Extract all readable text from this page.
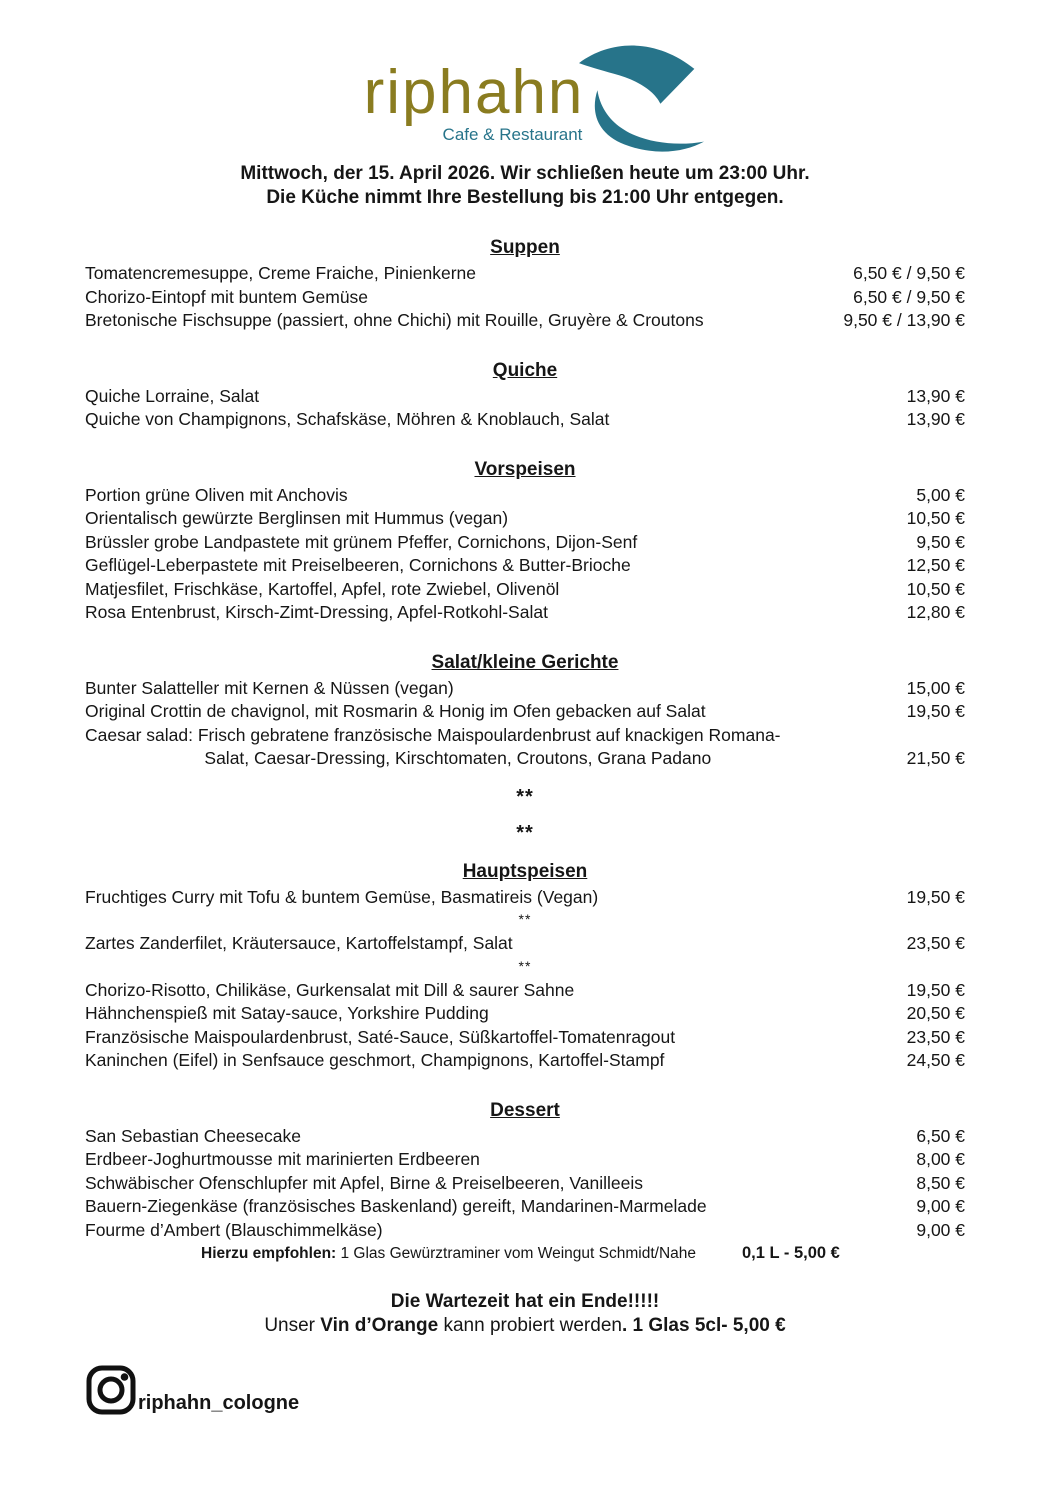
riphahn
Cafe & Restaurant
Mittwoch, der 15. April 2026. Wir schließen heute um 23:00 Uhr.
Die Küche nimmt Ihre Bestellung bis 21:00 Uhr entgegen.
Suppen
Tomatencremesuppe, Creme Fraiche, Pinienkerne	6,50 € / 9,50 €
Chorizo-Eintopf mit buntem Gemüse	6,50 € / 9,50 €
Bretonische Fischsuppe (passiert, ohne Chichi) mit Rouille, Gruyère & Croutons	9,50 € / 13,90 €
Quiche
Quiche Lorraine, Salat	13,90 €
Quiche von Champignons, Schafskäse, Möhren & Knoblauch, Salat	13,90 €
Vorspeisen
Portion grüne Oliven mit Anchovis	5,00 €
Orientalisch gewürzte Berglinsen mit Hummus (vegan)	10,50 €
Brüssler grobe Landpastete mit grünem Pfeffer, Cornichons, Dijon-Senf	9,50 €
Geflügel-Leberpastete mit Preiselbeeren, Cornichons & Butter-Brioche	12,50 €
Matjesfilet, Frischkäse, Kartoffel, Apfel, rote Zwiebel, Olivenöl	10,50 €
Rosa Entenbrust, Kirsch-Zimt-Dressing, Apfel-Rotkohl-Salat	12,80 €
Salat/kleine Gerichte
Bunter Salatteller mit Kernen & Nüssen (vegan)	15,00 €
Original Crottin de chavignol, mit Rosmarin & Honig im Ofen gebacken auf Salat	19,50 €
Caesar salad: Frisch gebratene französische Maispoulardenbrust auf knackigen Romana-
Salat, Caesar-Dressing, Kirschtomaten, Croutons, Grana Padano	21,50 €
**
**
Hauptspeisen
Fruchtiges Curry mit Tofu & buntem Gemüse, Basmatireis (Vegan)	19,50 €
**
Zartes Zanderfilet, Kräutersauce, Kartoffelstampf, Salat	23,50 €
**
Chorizo-Risotto, Chilikäse, Gurkensalat mit Dill & saurer Sahne	19,50 €
Hähnchenspieß mit Satay-sauce, Yorkshire Pudding	20,50 €
Französische Maispoulardenbrust, Saté-Sauce, Süßkartoffel-Tomatenragout	23,50 €
Kaninchen (Eifel) in Senfsauce geschmort, Champignons, Kartoffel-Stampf	24,50 €
Dessert
San Sebastian Cheesecake	6,50 €
Erdbeer-Joghurtmousse mit marinierten Erdbeeren	8,00 €
Schwäbischer Ofenschlupfer mit Apfel, Birne & Preiselbeeren, Vanilleeis	8,50 €
Bauern-Ziegenkäse (französisches Baskenland) gereift, Mandarinen-Marmelade	9,00 €
Fourme d’Ambert (Blauschimmelkäse)	9,00 €
Hierzu empfohlen: 1 Glas Gewürztraminer vom Weingut Schmidt/Nahe	0,1 L - 5,00 €
Die Wartezeit hat ein Ende!!!!!
Unser Vin d’Orange kann probiert werden. 1 Glas 5cl- 5,00 €
riphahn_cologne
